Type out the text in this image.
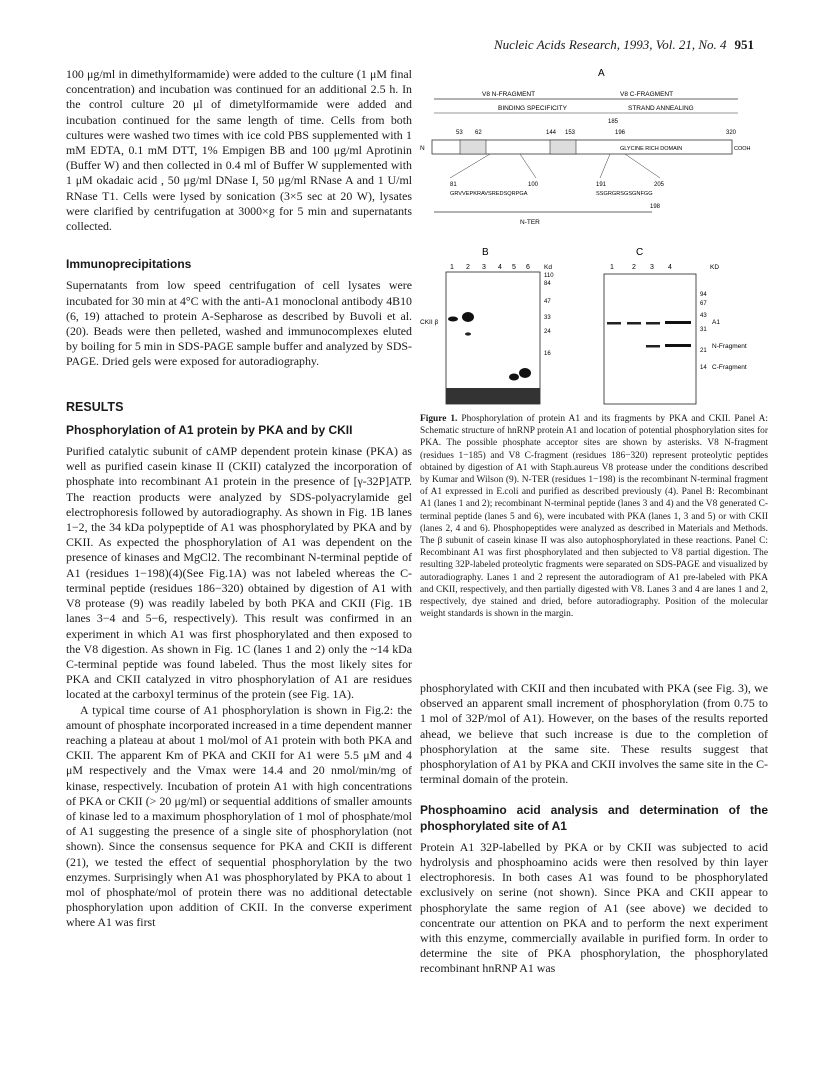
Nucleic Acids Research, 1993, Vol. 21, No. 4 951

100 μg/ml in dimethylformamide) were added to the culture (1 μM final concentration) and incubation was continued for an additional 2.5 h. In the control culture 20 μl of dimetylformamide were added and incubation continued for the same length of time. Cells from both cultures were washed two times with ice cold PBS supplemented with 1 mM EDTA, 0.1 mM DTT, 1% Empigen BB and 100 μg/ml Aprotinin (Buffer W) and then collected in 0.4 ml of Buffer W supplemented with 1 μM okadaic acid , 50 μg/ml DNase I, 50 μg/ml RNase A and 1 U/ml RNase T1. Cells were lysed by sonication (3×5 sec at 20 W), lysates were clarified by centrifugation at 3000×g for 5 min and supernatants collected.

Immunoprecipitations

Supernatants from low speed centrifugation of cell lysates were incubated for 30 min at 4°C with the anti-A1 monoclonal antibody 4B10 (6, 19) attached to protein A-Sepharose as described by Buvoli et al.(20). Beads were then pelleted, washed and immunocomplexes eluted by boiling for 5 min in SDS-PAGE sample buffer and analyzed by SDS-PAGE. Dried gels were exposed for autoradiography.

RESULTS
Phosphorylation of A1 protein by PKA and by CKII

Purified catalytic subunit of cAMP dependent protein kinase (PKA) as well as purified casein kinase II (CKII) catalyzed the incorporation of phosphate into recombinant A1 protein in the presence of [γ-32P]ATP. The reaction products were analyzed by SDS-polyacrylamide gel electrophoresis followed by autoradiography. As shown in Fig. 1B lanes 1−2, the 34 kDa polypeptide of A1 was phosphorylated by PKA and by CKII. As expected the phosphorylation of A1 was dependent on the presence of kinases and MgCl2. The recombinant N-terminal peptide of A1 (residues 1−198)(4)(See Fig.1A) was not labeled whereas the C-terminal peptide (residues 186−320) obtained by digestion of A1 with V8 protease (9) was readily labeled by both PKA and CKII (Fig. 1B lanes 3−4 and 5−6, respectively). This result was confirmed in an experiment in which A1 was first phosphorylated and then exposed to the V8 digestion. As shown in Fig. 1C (lanes 1 and 2) only the ~14 kDa C-terminal peptide was found labeled. Thus the most likely sites for PKA and CKII catalyzed in vitro phosphorylation of A1 are residues located at the carboxyl terminus of the protein (see Fig. 1A).

A typical time course of A1 phosphorylation is shown in Fig.2: the amount of phosphate incorporated increased in a time dependent manner reaching a plateau at about 1 mol/mol of A1 protein with both PKA and CKII. The apparent Km of PKA and CKII for A1 were 5.5 μM and 4 μM respectively and the Vmax were 14.4 and 20 nmol/min/mg of kinase, respectively. Incubation of protein A1 with high concentrations of PKA or CKII (> 20 μg/ml) or sequential additions of smaller amounts of kinase led to a maximum phosphorylation of 1 mol of phosphate/mol of A1 suggesting the presence of a single site of phosphorylation (not shown). Since the consensus sequence for PKA and CKII is different (21), we tested the effect of sequential phosphorylation by the two enzymes. Surprisingly when A1 was phosphorylated by PKA to about 1 mol of phosphate/mol of protein there was no additional detectable phosphorylation upon addition of CKII. In the converse experiment where A1 was first

A
V8 N-FRAGMENT	V8 C-FRAGMENT
BINDING SPECIFICITY	STRAND ANNEALING
185
53 62	144 153	196	320
N	GLYCINE RICH DOMAIN	COOH
81	100	191	205
GRVVEPKRAVSREDSQRPGA	SSGRGRSGSGNFGG
198
N-TER
B
1 2 3 4 5 6 Kd
110
84
47
33
24
16
CKII β
C
1	2 3 4	KD
94
67
43
31
21
14
A1
N-Fragment
C-Fragment
Figure 1. Phosphorylation of protein A1 and its fragments by PKA and CKII. Panel A: Schematic structure of hnRNP protein A1 and location of potential phosphorylation sites for PKA. The possible phosphate acceptor sites are shown by asterisks. V8 N-fragment (residues 1−185) and V8 C-fragment (residues 186−320) represent proteolytic peptides obtained by digestion of A1 with Staph.aureus V8 protease under the conditions described by Kumar and Wilson (9). N-TER (residues 1−198) is the recombinant N-terminal fragment of A1 expressed in E.coli and purified as described previously (4). Panel B: Recombinant A1 (lanes 1 and 2); recombinant N-terminal peptide (lanes 3 and 4) and the V8 generated C-terminal peptide (lanes 5 and 6), were incubated with PKA (lanes 1, 3 and 5) or with CKII (lanes 2, 4 and 6). Phosphopeptides were analyzed as described in Materials and Methods. The β subunit of casein kinase II was also autophosphorylated in these reactions. Panel C: Recombinant A1 was first phosphorylated and then subjected to V8 partial digestion. The resulting 32P-labeled proteolytic fragments were separated on SDS-PAGE and visualized by autoradiography. Lanes 1 and 2 represent the autoradiogram of A1 pre-labeled with PKA and CKII, respectively, and then partially digested with V8. Lanes 3 and 4 are lanes 1 and 2, respectively, dye stained and dried, before autoradiography. Position of the molecular weight standards is shown in the margin.

phosphorylated with CKII and then incubated with PKA (see Fig. 3), we observed an apparent small increment of phosphorylation (from 0.75 to 1 mol of 32P/mol of A1). However, on the bases of the results reported ahead, we believe that such increase is due to the completion of phosphorylation at the same site. These results suggest that phosphorylation of A1 by PKA and CKII involves the same site in the C-terminal domain of the protein.

Phosphoamino acid analysis and determination of the phosphorylated site of A1

Protein A1 32P-labelled by PKA or by CKII was subjected to acid hydrolysis and phosphoamino acids were then resolved by thin layer electrophoresis. In both cases A1 was found to be phosphorylated exclusively on serine (not shown). Since PKA and CKII appear to phosphorylate the same region of A1 (see above) we decided to concentrate our attention on PKA and to perform the next experiment with this enzyme, commercially available in purified form. In order to determine the site of PKA phosphorylation, the phosphorylated recombinant hnRNP A1 was
